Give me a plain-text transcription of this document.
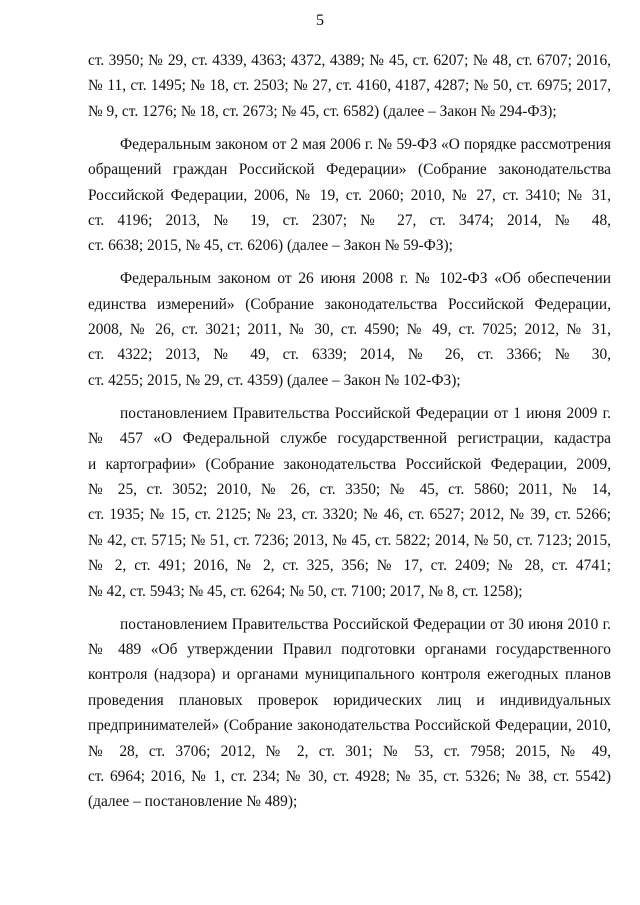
5
ст. 3950; № 29, ст. 4339, 4363; 4372, 4389; № 45, ст. 6207; № 48, ст. 6707; 2016,
№ 11, ст. 1495; № 18, ст. 2503; № 27, ст. 4160, 4187, 4287; № 50, ст. 6975; 2017,
№ 9, ст. 1276; № 18, ст. 2673; № 45, ст. 6582) (далее – Закон № 294-ФЗ);
Федеральным законом от 2 мая 2006 г. № 59-ФЗ «О порядке рассмотрения
обращений граждан Российской Федерации» (Собрание законодательства
Российской Федерации, 2006, № 19, ст. 2060; 2010, № 27, ст. 3410; № 31,
ст. 4196; 2013, № 19, ст. 2307; № 27, ст. 3474; 2014, № 48,
ст. 6638; 2015, № 45, ст. 6206) (далее – Закон № 59-ФЗ);
Федеральным законом от 26 июня 2008 г. № 102-ФЗ «Об обеспечении
единства измерений» (Собрание законодательства Российской Федерации,
2008, № 26, ст. 3021; 2011, № 30, ст. 4590; № 49, ст. 7025; 2012, № 31,
ст. 4322; 2013, № 49, ст. 6339; 2014, № 26, ст. 3366; № 30,
ст. 4255; 2015, № 29, ст. 4359) (далее – Закон № 102-ФЗ);
постановлением Правительства Российской Федерации от 1 июня 2009 г.
№ 457 «О Федеральной службе государственной регистрации, кадастра
и картографии» (Собрание законодательства Российской Федерации, 2009,
№ 25, ст. 3052; 2010, № 26, ст. 3350; № 45, ст. 5860; 2011, № 14,
ст. 1935; № 15, ст. 2125; № 23, ст. 3320; № 46, ст. 6527; 2012, № 39, ст. 5266;
№ 42, ст. 5715; № 51, ст. 7236; 2013, № 45, ст. 5822; 2014, № 50, ст. 7123; 2015,
№ 2, ст. 491; 2016, № 2, ст. 325, 356; № 17, ст. 2409; № 28, ст. 4741;
№ 42, ст. 5943; № 45, ст. 6264; № 50, ст. 7100; 2017, № 8, ст. 1258);
постановлением Правительства Российской Федерации от 30 июня 2010 г.
№ 489 «Об утверждении Правил подготовки органами государственного
контроля (надзора) и органами муниципального контроля ежегодных планов
проведения плановых проверок юридических лиц и индивидуальных
предпринимателей» (Собрание законодательства Российской Федерации, 2010,
№ 28, ст. 3706; 2012, № 2, ст. 301; № 53, ст. 7958; 2015, № 49,
ст. 6964; 2016, № 1, ст. 234; № 30, ст. 4928; № 35, ст. 5326; № 38, ст. 5542)
(далее – постановление № 489);
